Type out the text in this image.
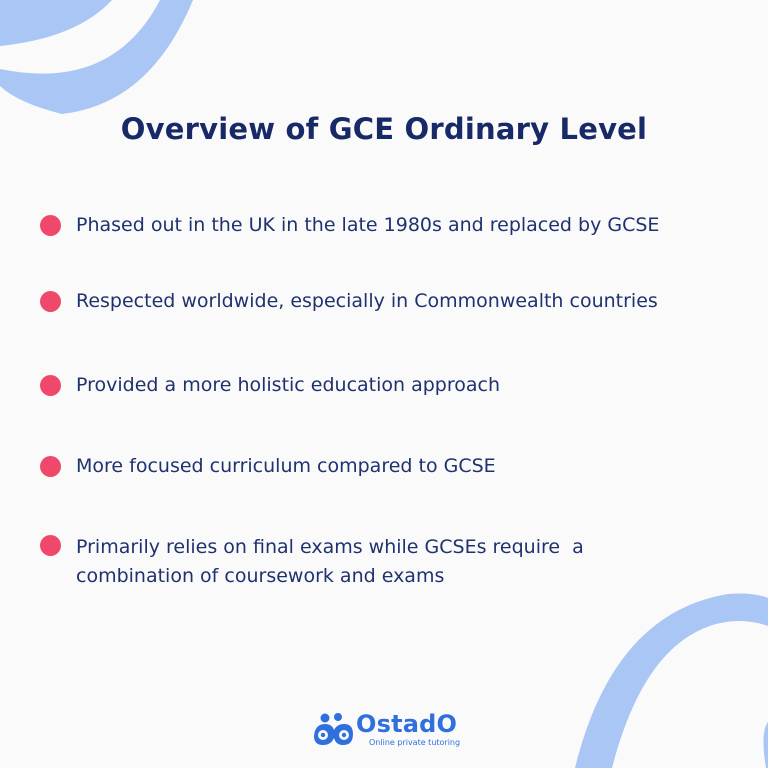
Overview of GCE Ordinary Level
Phased out in the UK in the late 1980s and replaced by GCSE
Respected worldwide, especially in Commonwealth countries
Provided a more holistic education approach
More focused curriculum compared to GCSE
Primarily relies on final exams while GCSEs require  a
combination of coursework and exams
OstadO
Online private tutoring
